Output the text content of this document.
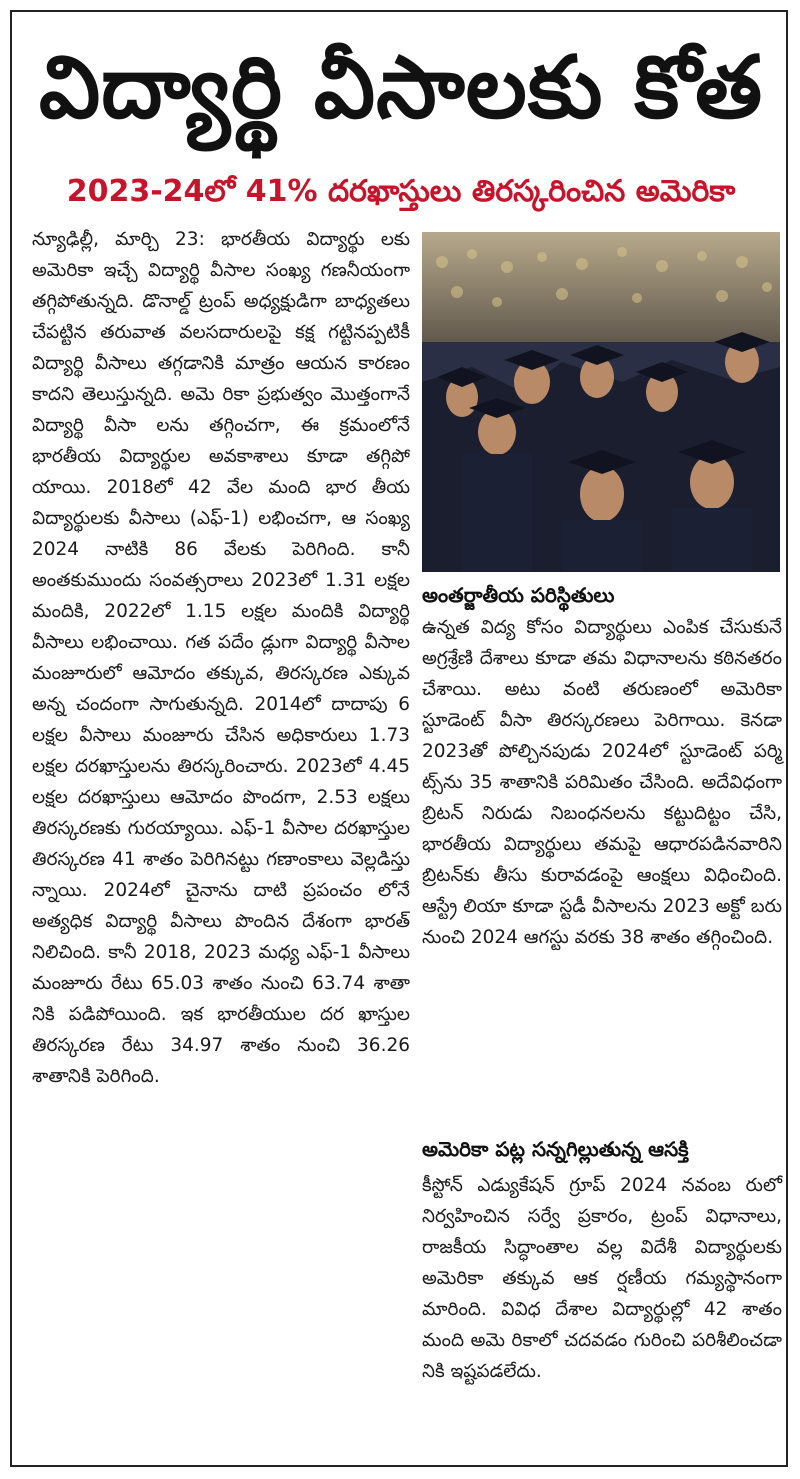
విద్యార్థి వీసాలకు కోత
2023-24లో 41% దరఖాస్తులు తిరస్కరించిన అమెరికా
న్యూఢిల్లీ, మార్చి 23: భారతీయ విద్యార్థు లకు అమెరికా ఇచ్చే విద్యార్థి వీసాల సంఖ్య గణనీయంగా తగ్గిపోతున్నది. డొనాల్డ్ ట్రంప్ అధ్యక్షుడిగా బాధ్యతలు చేపట్టిన తరువాత వలసదారులపై కక్ష గట్టినప్పటికీ విద్యార్థి వీసాలు తగ్గడానికి మాత్రం ఆయన కారణం కాదని తెలుస్తున్నది. అమె రికా ప్రభుత్వం మొత్తంగానే విద్యార్థి వీసా లను తగ్గించగా, ఈ క్రమంలోనే భారతీయ విద్యార్థుల అవకాశాలు కూడా తగ్గిపో యాయి. 2018లో 42 వేల మంది భార తీయ విద్యార్థులకు వీసాలు (ఎఫ్-1) లభించగా, ఆ సంఖ్య 2024 నాటికి 86 వేలకు పెరిగింది. కానీ అంతకుముందు సంవత్సరాలు 2023లో 1.31 లక్షల మందికి, 2022లో 1.15 లక్షల మందికి విద్యార్థి వీసాలు లభించాయి. గత పదేం డ్లుగా విద్యార్థి వీసాల మంజూరులో ఆమోదం తక్కువ, తిరస్కరణ ఎక్కువ అన్న చందంగా సాగుతున్నది. 2014లో దాదాపు 6 లక్షల వీసాలు మంజూరు చేసిన అధికారులు 1.73 లక్షల దరఖాస్తులను తిరస్కరించారు. 2023లో 4.45 లక్షల దరఖాస్తులు ఆమోదం పొందగా, 2.53 లక్షలు తిరస్కరణకు గురయ్యాయి. ఎఫ్-1 వీసాల దరఖాస్తుల తిరస్కరణ 41 శాతం పెరిగినట్టు గణాంకాలు వెల్లడిస్తు న్నాయి. 2024లో చైనాను దాటి ప్రపంచం లోనే అత్యధిక విద్యార్థి వీసాలు పొందిన దేశంగా భారత్ నిలిచింది. కానీ 2018, 2023 మధ్య ఎఫ్-1 వీసాలు మంజూరు రేటు 65.03 శాతం నుంచి 63.74 శాతా నికి పడిపోయింది. ఇక భారతీయుల దర ఖాస్తుల తిరస్కరణ రేటు 34.97 శాతం నుంచి 36.26 శాతానికి పెరిగింది.
అంతర్జాతీయ పరిస్థితులు
ఉన్నత విద్య కోసం విద్యార్థులు ఎంపిక చేసుకునే అగ్రశ్రేణి దేశాలు కూడా తమ విధానాలను కఠినతరం చేశాయి. అటు వంటి తరుణంలో అమెరికా స్టూడెంట్ వీసా తిరస్కరణలు పెరిగాయి. కెనడా 2023తో పోల్చినపుడు 2024లో స్టూడెంట్ పర్మి ట్స్‌ను 35 శాతానికి పరిమితం చేసింది. అదేవిధంగా బ్రిటన్ నిరుడు నిబంధనలను కట్టుదిట్టం చేసి, భారతీయ విద్యార్థులు తమపై ఆధారపడినవారిని బ్రిటన్‌కు తీసు కురావడంపై ఆంక్షలు విధించింది. ఆస్ట్రే లియా కూడా స్టడీ వీసాలను 2023 అక్టో బరు నుంచి 2024 ఆగస్టు వరకు 38 శాతం తగ్గించింది.
అమెరికా పట్ల సన్నగిల్లుతున్న ఆసక్తి
కీస్టోన్ ఎడ్యుకేషన్ గ్రూప్ 2024 నవంబ రులో నిర్వహించిన సర్వే ప్రకారం, ట్రంప్ విధానాలు, రాజకీయ సిద్ధాంతాల వల్ల విదేశీ విద్యార్థులకు అమెరికా తక్కువ ఆక ర్షణీయ గమ్యస్థానంగా మారింది. వివిధ దేశాల విద్యార్థుల్లో 42 శాతం మంది అమె రికాలో చదవడం గురించి పరిశీలించడా నికి ఇష్టపడలేదు.
